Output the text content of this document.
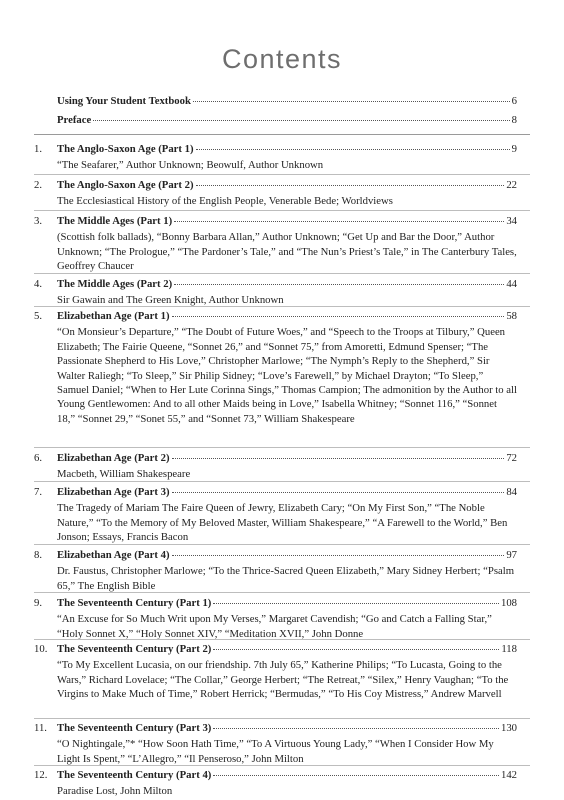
Contents
Using Your Student Textbook	6
Preface	8
1.	The Anglo-Saxon Age (Part 1)	9
“The Seafarer,” Author Unknown; Beowulf, Author Unknown
2.	The Anglo-Saxon Age (Part 2)	22
The Ecclesiastical History of the English People, Venerable Bede; Worldviews
3.	The Middle Ages (Part 1)	34
(Scottish folk ballads), “Bonny Barbara Allan,” Author Unknown; “Get Up and Bar the Door,” Author Unknown; “The Prologue,” “The Pardoner’s Tale,” and “The Nun’s Priest’s Tale,” in The Canterbury Tales, Geoffrey Chaucer
4.	The Middle Ages (Part 2)	44
Sir Gawain and The Green Knight, Author Unknown
5.	Elizabethan Age (Part 1)	58
“On Monsieur’s Departure,” “The Doubt of Future Woes,” and “Speech to the Troops at Tilbury,” Queen Elizabeth; The Fairie Queene, “Sonnet 26,” and “Sonnet 75,” from Amoretti, Edmund Spenser; “The Passionate Shepherd to His Love,” Christopher Marlowe; “The Nymph’s Reply to the Shepherd,” Sir Walter Raliegh; “To Sleep,” Sir Philip Sidney; “Love’s Farewell,” by Michael Drayton; “To Sleep,” Samuel Daniel; “When to Her Lute Corinna Sings,” Thomas Campion; The admonition by the Author to all Young Gentlewomen: And to all other Maids being in Love,” Isabella Whitney; “Sonnet 116,” “Sonnet 18,” “Sonnet 29,” “Sonet 55,” and “Sonnet 73,” William Shakespeare
6.	Elizabethan Age (Part 2)	72
Macbeth, William Shakespeare
7.	Elizabethan Age (Part 3)	84
The Tragedy of Mariam The Faire Queen of Jewry, Elizabeth Cary; “On My First Son,” “The Noble Nature,” “To the Memory of My Beloved Master, William Shakespeare,” “A Farewell to the World,” Ben Jonson; Essays, Francis Bacon
8.	Elizabethan Age (Part 4)	97
Dr. Faustus, Christopher Marlowe; “To the Thrice-Sacred Queen Elizabeth,” Mary Sidney Herbert; “Psalm 65,” The English Bible
9.	The Seventeenth Century (Part 1)	108
“An Excuse for So Much Writ upon My Verses,” Margaret Cavendish; “Go and Catch a Falling Star,” “Holy Sonnet X,” “Holy Sonnet XIV,” “Meditation XVII,” John Donne
10. The Seventeenth Century (Part 2)	118
“To My Excellent Lucasia, on our friendship. 7th July 65,” Katherine Philips; “To Lucasta, Going to the Wars,” Richard Lovelace; “The Collar,” George Herbert; “The Retreat,” “Silex,” Henry Vaughan; “To the Virgins to Make Much of Time,” Robert Herrick; “Bermudas,” “To His Coy Mistress,” Andrew Marvell
11. The Seventeenth Century (Part 3)	130
“O Nightingale,”* “How Soon Hath Time,” “To A Virtuous Young Lady,” “When I Consider How My Light Is Spent,” “L’Allegro,” “Il Penseroso,” John Milton
12. The Seventeenth Century (Part 4)	142
Paradise Lost, John Milton
